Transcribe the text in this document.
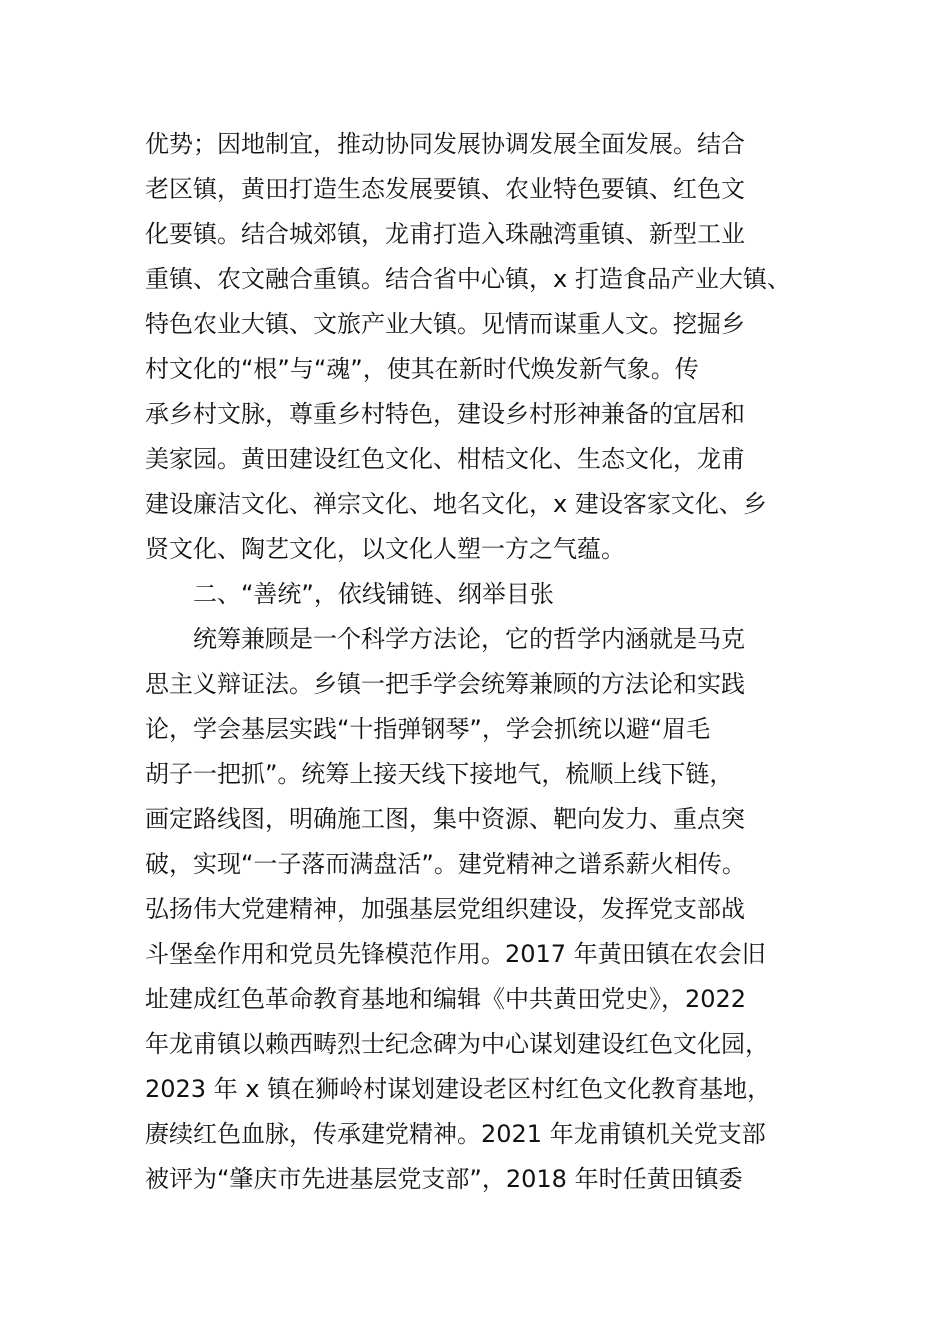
优势；因地制宜，推动协同发展协调发展全面发展。结合
老区镇，黄田打造生态发展要镇、农业特色要镇、红色文
化要镇。结合城郊镇，龙甫打造入珠融湾重镇、新型工业
重镇、农文融合重镇。结合省中心镇，x 打造食品产业大镇、
特色农业大镇、文旅产业大镇。见情而谋重人文。挖掘乡
村文化的“根”与“魂”，使其在新时代焕发新气象。传
承乡村文脉，尊重乡村特色，建设乡村形神兼备的宜居和
美家园。黄田建设红色文化、柑桔文化、生态文化，龙甫
建设廉洁文化、禅宗文化、地名文化，x 建设客家文化、乡
贤文化、陶艺文化，以文化人塑一方之气蕴。
二、“善统”，依线铺链、纲举目张
统筹兼顾是一个科学方法论，它的哲学内涵就是马克
思主义辩证法。乡镇一把手学会统筹兼顾的方法论和实践
论，学会基层实践“十指弹钢琴”，学会抓统以避“眉毛
胡子一把抓”。统筹上接天线下接地气，梳顺上线下链，
画定路线图，明确施工图，集中资源、靶向发力、重点突
破，实现“一子落而满盘活”。建党精神之谱系薪火相传。
弘扬伟大党建精神，加强基层党组织建设，发挥党支部战
斗堡垒作用和党员先锋模范作用。2017 年黄田镇在农会旧
址建成红色革命教育基地和编辑《中共黄田党史》，2022
年龙甫镇以赖西畴烈士纪念碑为中心谋划建设红色文化园，
2023 年 x 镇在狮岭村谋划建设老区村红色文化教育基地，
赓续红色血脉，传承建党精神。2021 年龙甫镇机关党支部
被评为“肇庆市先进基层党支部”，2018 年时任黄田镇委
